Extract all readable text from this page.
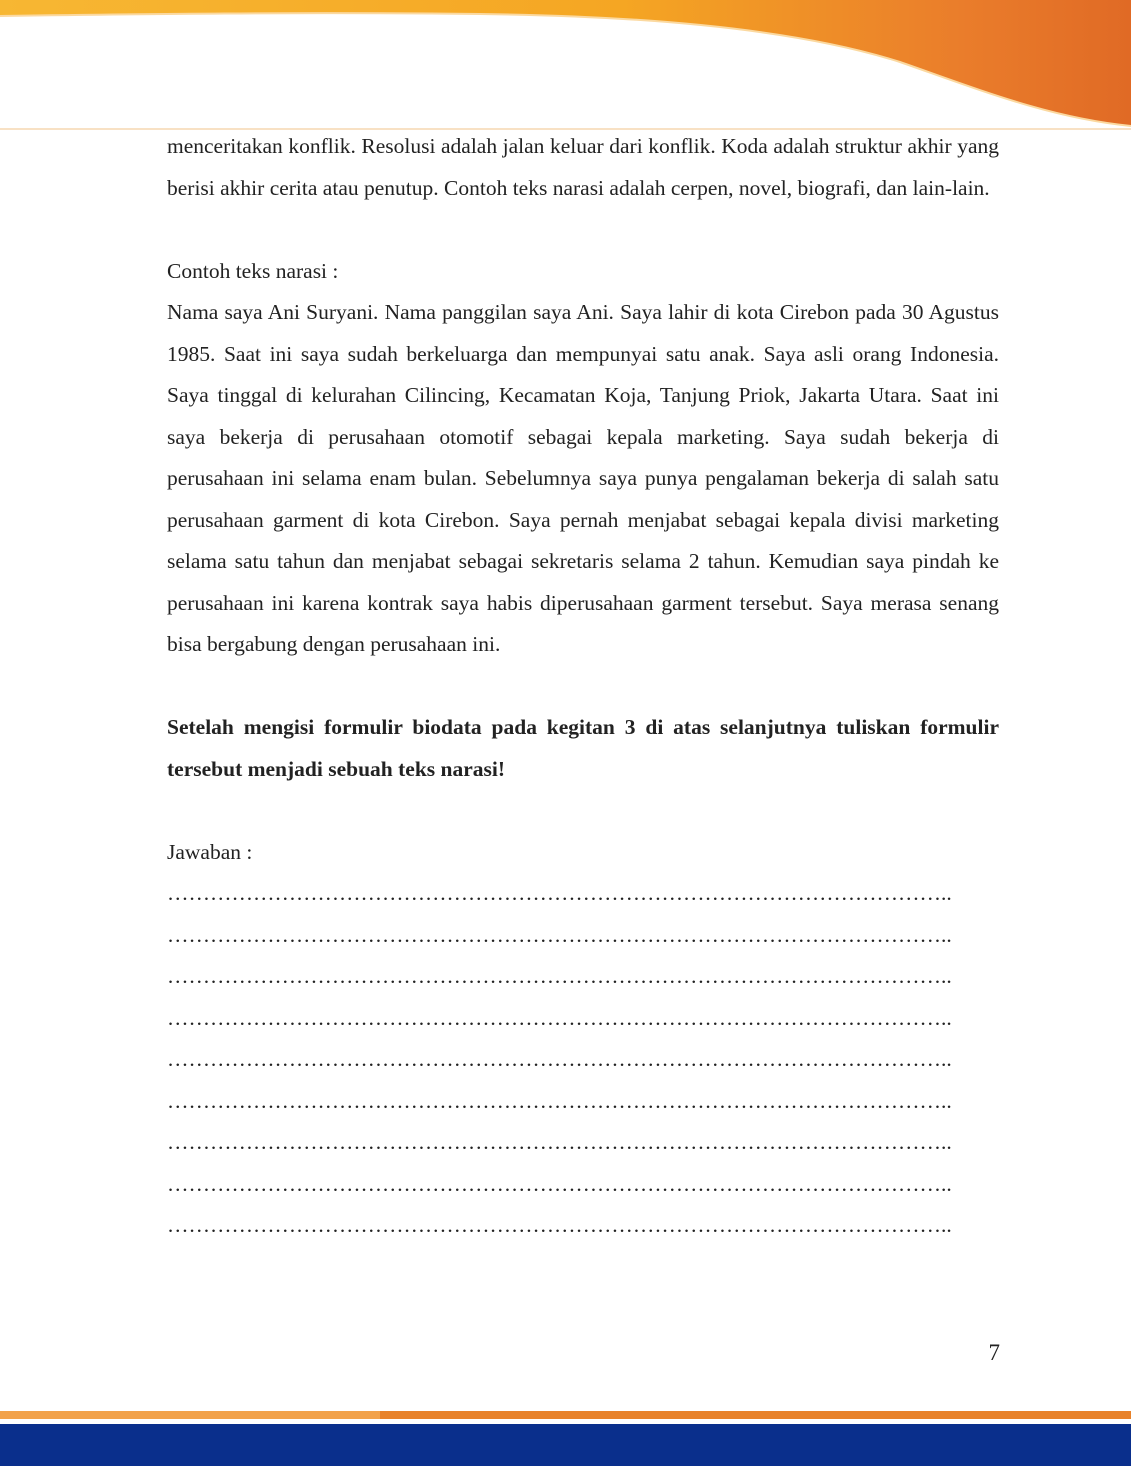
menceritakan konflik. Resolusi adalah jalan keluar dari konflik. Koda adalah struktur akhir yang berisi akhir cerita atau penutup. Contoh teks narasi adalah cerpen, novel, biografi, dan lain-lain.

Contoh teks narasi :

Nama saya Ani Suryani. Nama panggilan saya Ani. Saya lahir di kota Cirebon pada 30 Agustus 1985. Saat ini saya sudah berkeluarga dan mempunyai satu anak. Saya asli orang Indonesia. Saya tinggal di kelurahan Cilincing, Kecamatan Koja, Tanjung Priok, Jakarta Utara. Saat ini saya bekerja di perusahaan otomotif sebagai kepala marketing. Saya sudah bekerja di perusahaan ini selama enam bulan. Sebelumnya saya punya pengalaman bekerja di salah satu perusahaan garment di kota Cirebon. Saya pernah menjabat sebagai kepala divisi marketing selama satu tahun dan menjabat sebagai sekretaris selama 2 tahun. Kemudian saya pindah ke perusahaan ini karena kontrak saya habis diperusahaan garment tersebut. Saya merasa senang bisa bergabung dengan perusahaan ini.

Setelah mengisi formulir biodata pada kegitan 3 di atas selanjutnya tuliskan formulir tersebut menjadi sebuah teks narasi!

Jawaban :

………………………………………………………………………………………………..
………………………………………………………………………………………………..
………………………………………………………………………………………………..
………………………………………………………………………………………………..
………………………………………………………………………………………………..
………………………………………………………………………………………………..
………………………………………………………………………………………………..
………………………………………………………………………………………………..
………………………………………………………………………………………………..
7
